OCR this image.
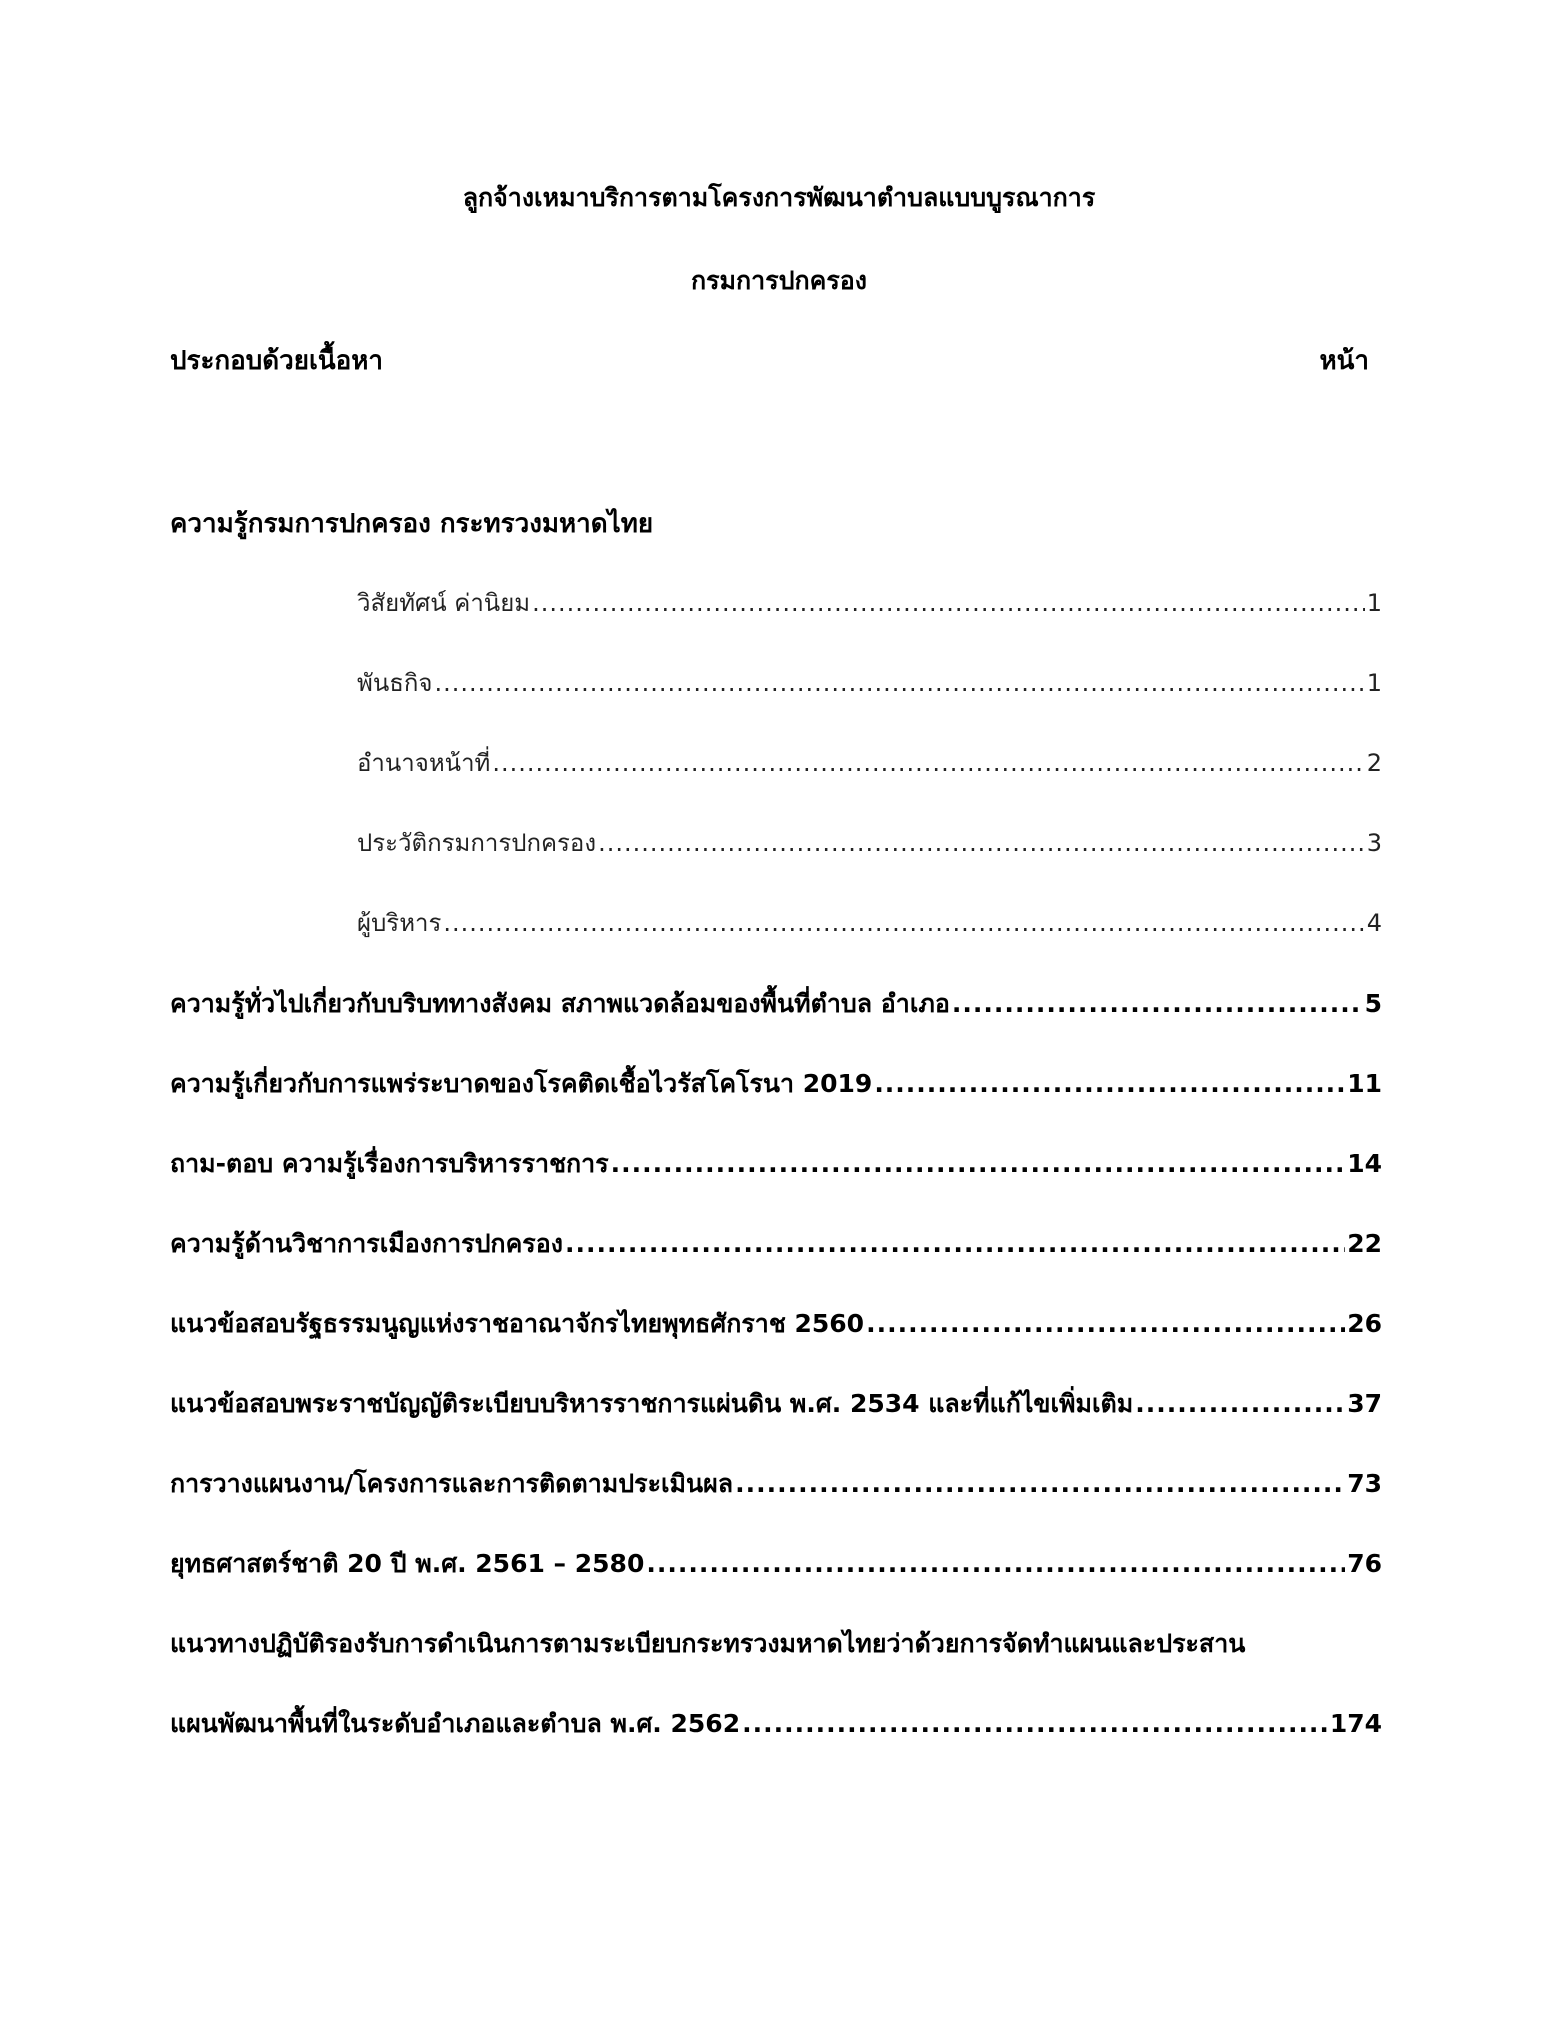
ลูกจ้างเหมาบริการตามโครงการพัฒนาตำบลแบบบูรณาการ
กรมการปกครอง
ประกอบด้วยเนื้อหา	หน้า
ความรู้กรมการปกครอง กระทรวงมหาดไทย
วิสัยทัศน์ ค่านิยม .....	1
พันธกิจ .....	1
อำนาจหน้าที่ .....	2
ประวัติกรมการปกครอง .....	3
ผู้บริหาร .....	4
ความรู้ทั่วไปเกี่ยวกับบริบททางสังคม สภาพแวดล้อมของพื้นที่ตำบล อำเภอ .....	5
ความรู้เกี่ยวกับการแพร่ระบาดของโรคติดเชื้อไวรัสโคโรนา 2019 .....	11
ถาม-ตอบ ความรู้เรื่องการบริหารราชการ .....	14
ความรู้ด้านวิชาการเมืองการปกครอง .....	22
แนวข้อสอบรัฐธรรมนูญแห่งราชอาณาจักรไทยพุทธศักราช 2560 .....	26
แนวข้อสอบพระราชบัญญัติระเบียบบริหารราชการแผ่นดิน พ.ศ. 2534 และที่แก้ไขเพิ่มเติม .....	37
การวางแผนงาน/โครงการและการติดตามประเมินผล .....	73
ยุทธศาสตร์ชาติ 20 ปี พ.ศ. 2561 – 2580 .....	76
แนวทางปฏิบัติรองรับการดำเนินการตามระเบียบกระทรวงมหาดไทยว่าด้วยการจัดทำแผนและประสาน
แผนพัฒนาพื้นที่ในระดับอำเภอและตำบล พ.ศ. 2562 .....	174
